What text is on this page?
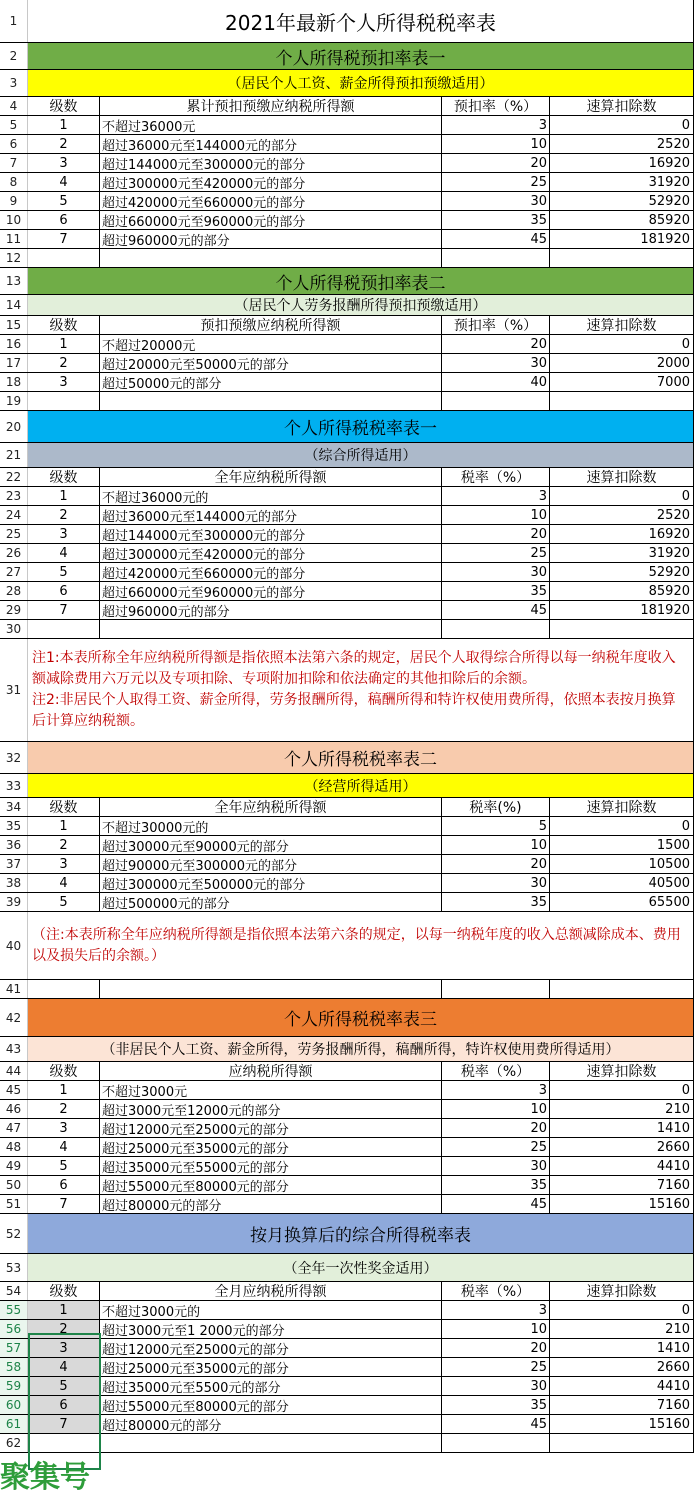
1	2021年最新个人所得税税率表
2	个人所得税预扣率表一
3	（居民个人工资、薪金所得预扣预缴适用）
4	级数	累计预扣预缴应纳税所得额	预扣率（%）	速算扣除数
5	1	不超过36000元	3	0
6	2	超过36000元至144000元的部分	10	2520
7	3	超过144000元至300000元的部分	20	16920
8	4	超过300000元至420000元的部分	25	31920
9	5	超过420000元至660000元的部分	30	52920
10	6	超过660000元至960000元的部分	35	85920
11	7	超过960000元的部分	45	181920
12
13	个人所得税预扣率表二
14	（居民个人劳务报酬所得预扣预缴适用）
15	级数	预扣预缴应纳税所得额	预扣率（%）	速算扣除数
16	1	不超过20000元	20	0
17	2	超过20000元至50000元的部分	30	2000
18	3	超过50000元的部分	40	7000
19
20	个人所得税税率表一
21	（综合所得适用）
22	级数	全年应纳税所得额	税率（%）	速算扣除数
23	1	不超过36000元的	3	0
24	2	超过36000元至144000元的部分	10	2520
25	3	超过144000元至300000元的部分	20	16920
26	4	超过300000元至420000元的部分	25	31920
27	5	超过420000元至660000元的部分	30	52920
28	6	超过660000元至960000元的部分	35	85920
29	7	超过960000元的部分	45	181920
30
31
注1:本表所称全年应纳税所得额是指依照本法第六条的规定，居民个人取得综合所得以每一纳税年度收入额减除费用六万元以及专项扣除、专项附加扣除和依法确定的其他扣除后的余额。
注2:非居民个人取得工资、薪金所得，劳务报酬所得，稿酬所得和特许权使用费所得，依照本表按月换算后计算应纳税额。
32	个人所得税税率表二
33	（经营所得适用）
34	级数	全年应纳税所得额	税率(%)	速算扣除数
35	1	不超过30000元的	5	0
36	2	超过30000元至90000元的部分	10	1500
37	3	超过90000元至300000元的部分	20	10500
38	4	超过300000元至500000元的部分	30	40500
39	5	超过500000元的部分	35	65500
40
（注:本表所称全年应纳税所得额是指依照本法第六条的规定，以每一纳税年度的收入总额减除成本、费用以及损失后的余额。）
41
42	个人所得税税率表三
43	（非居民个人工资、薪金所得，劳务报酬所得，稿酬所得，特许权使用费所得适用）
44	级数	应纳税所得额	税率（%）	速算扣除数
45	1	不超过3000元	3	0
46	2	超过3000元至12000元的部分	10	210
47	3	超过12000元至25000元的部分	20	1410
48	4	超过25000元至35000元的部分	25	2660
49	5	超过35000元至55000元的部分	30	4410
50	6	超过55000元至80000元的部分	35	7160
51	7	超过80000元的部分	45	15160
52	按月换算后的综合所得税率表
53	（全年一次性奖金适用）
54	级数	全月应纳税所得额	税率（%）	速算扣除数
55	1	不超过3000元的	3	0
56	2	超过3000元至1 2000元的部分	10	210
57	3	超过12000元至25000元的部分	20	1410
58	4	超过25000元至35000元的部分	25	2660
59	5	超过35000元至5500元的部分	30	4410
60	6	超过55000元至80000元的部分	35	7160
61	7	超过80000元的部分	45	15160
62
聚集号
